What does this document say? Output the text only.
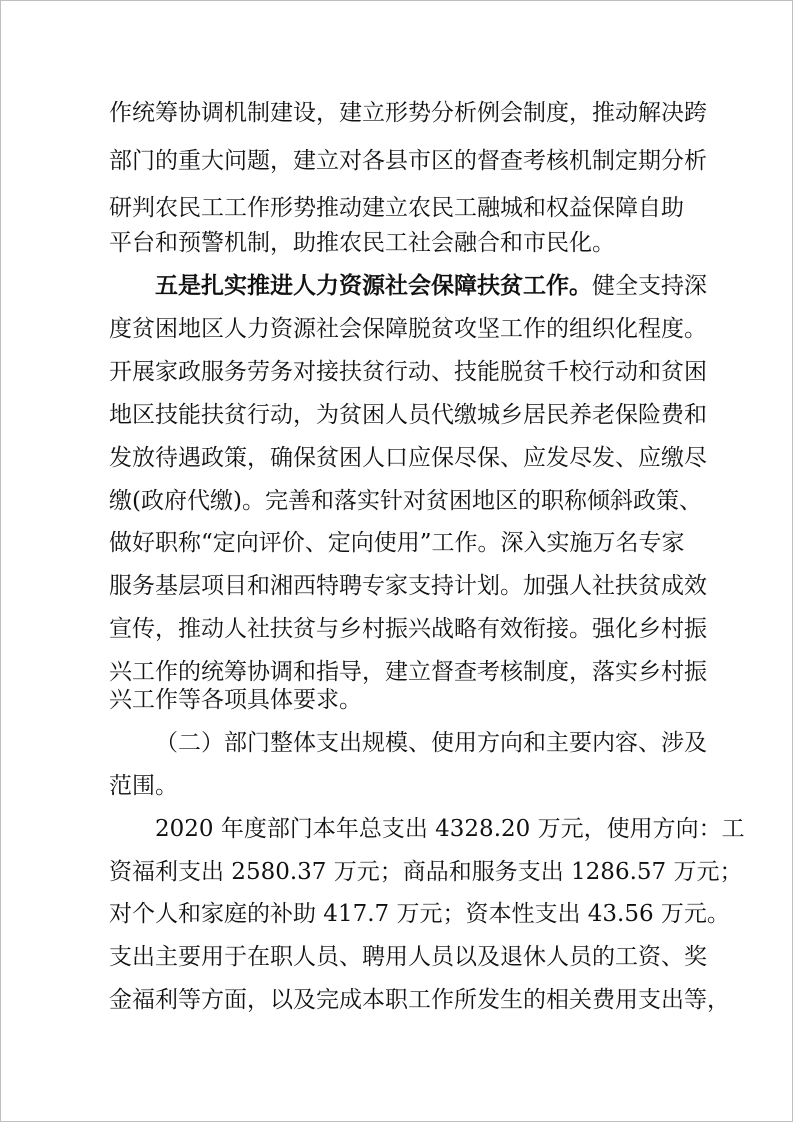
作统筹协调机制建设，建立形势分析例会制度，推动解决跨
部门的重大问题，建立对各县市区的督查考核机制定期分析
研判农民工工作形势推动建立农民工融城和权益保障自助
平台和预警机制，助推农民工社会融合和市民化。
五是扎实推进人力资源社会保障扶贫工作。健全支持深
度贫困地区人力资源社会保障脱贫攻坚工作的组织化程度。
开展家政服务劳务对接扶贫行动、技能脱贫千校行动和贫困
地区技能扶贫行动，为贫困人员代缴城乡居民养老保险费和
发放待遇政策，确保贫困人口应保尽保、应发尽发、应缴尽
缴(政府代缴)。完善和落实针对贫困地区的职称倾斜政策、
做好职称“定向评价、定向使用”工作。深入实施万名专家
服务基层项目和湘西特聘专家支持计划。加强人社扶贫成效
宣传，推动人社扶贫与乡村振兴战略有效衔接。强化乡村振
兴工作的统筹协调和指导，建立督查考核制度，落实乡村振
兴工作等各项具体要求。
（二）部门整体支出规模、使用方向和主要内容、涉及
范围。
2020 年度部门本年总支出 4328.20 万元，使用方向：工
资福利支出 2580.37 万元；商品和服务支出 1286.57 万元；
对个人和家庭的补助 417.7 万元；资本性支出 43.56 万元。
支出主要用于在职人员、聘用人员以及退休人员的工资、奖
金福利等方面，以及完成本职工作所发生的相关费用支出等，
